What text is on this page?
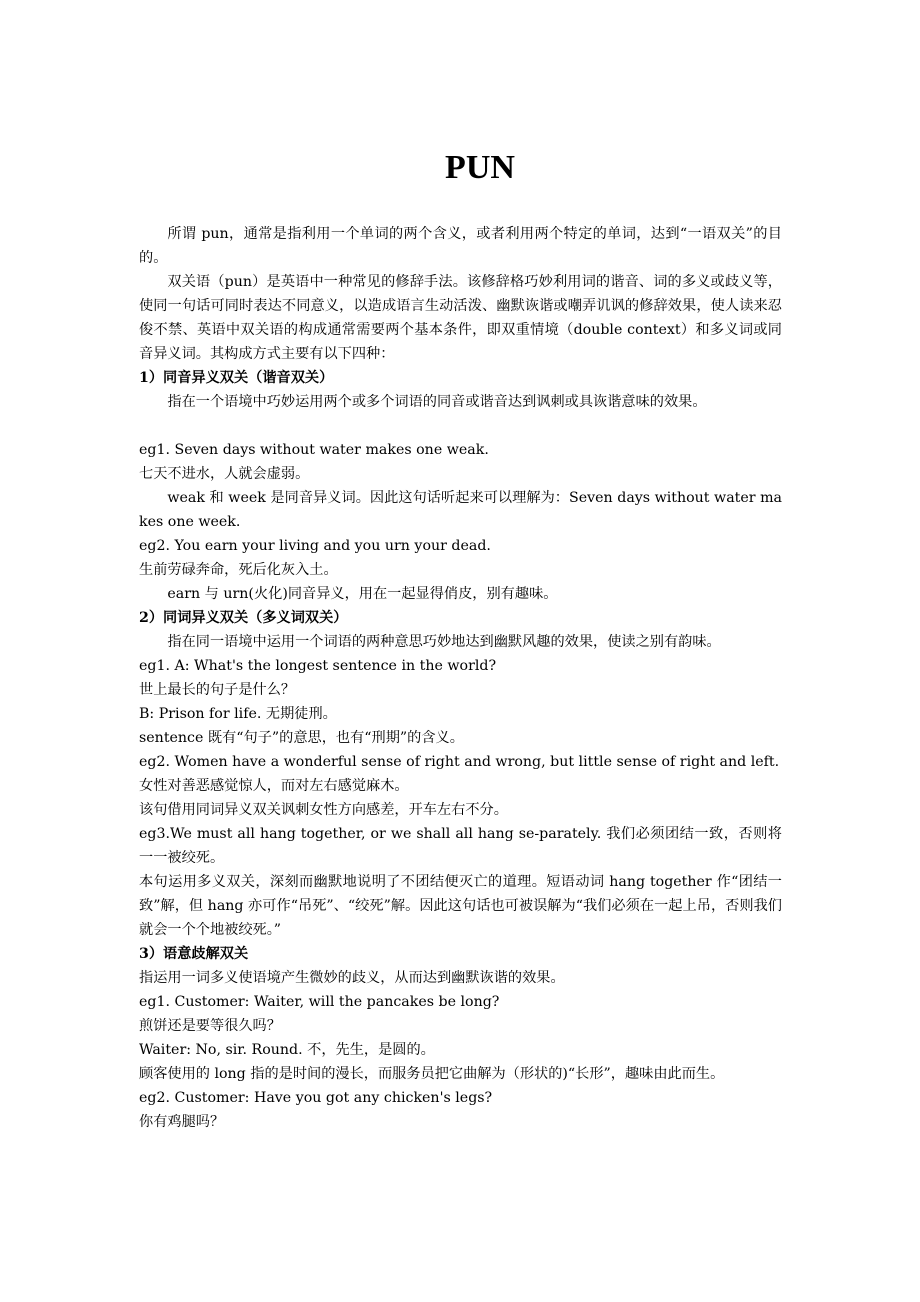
PUN

所谓 pun，通常是指利用一个单词的两个含义，或者利用两个特定的单词，达到“一语双关”的目的。

双关语（pun）是英语中一种常见的修辞手法。该修辞格巧妙利用词的谐音、词的多义或歧义等，使同一句话可同时表达不同意义，以造成语言生动活泼、幽默诙谐或嘲弄讥讽的修辞效果，使人读来忍俊不禁、英语中双关语的构成通常需要两个基本条件，即双重情境（double context）和多义词或同音异义词。其构成方式主要有以下四种：

1）同音异义双关（谐音双关）

指在一个语境中巧妙运用两个或多个词语的同音或谐音达到讽刺或具诙谐意味的效果。

eg1. Seven days without water makes one weak.

七天不进水，人就会虚弱。

weak 和 week 是同音异义词。因此这句话听起来可以理解为：Seven days without water makes one week.

eg2. You earn your living and you urn your dead.

生前劳碌奔命，死后化灰入土。

earn 与 urn(火化)同音异义，用在一起显得俏皮，别有趣味。

2）同词异义双关（多义词双关）

指在同一语境中运用一个词语的两种意思巧妙地达到幽默风趣的效果，使读之别有韵味。

eg1. A: What's the longest sentence in the world?

世上最长的句子是什么？

B: Prison for life. 无期徒刑。

sentence 既有“句子”的意思，也有“刑期”的含义。

eg2. Women have a wonderful sense of right and wrong, but little sense of right and left.

女性对善恶感觉惊人，而对左右感觉麻木。

该句借用同词异义双关讽刺女性方向感差，开车左右不分。

eg3.We must all hang together, or we shall all hang se-parately. 我们必须团结一致，否则将一一被绞死。

本句运用多义双关，深刻而幽默地说明了不团结便灭亡的道理。短语动词 hang together 作“团结一致”解，但 hang 亦可作“吊死”、“绞死”解。因此这句话也可被误解为“我们必须在一起上吊，否则我们就会一个个地被绞死。”

3）语意歧解双关

指运用一词多义使语境产生微妙的歧义，从而达到幽默诙谐的效果。

eg1. Customer: Waiter, will the pancakes be long?

煎饼还是要等很久吗？

Waiter: No, sir. Round. 不，先生，是圆的。

顾客使用的 long 指的是时间的漫长，而服务员把它曲解为（形状的)“长形”，趣味由此而生。

eg2. Customer: Have you got any chicken's legs?

你有鸡腿吗？
